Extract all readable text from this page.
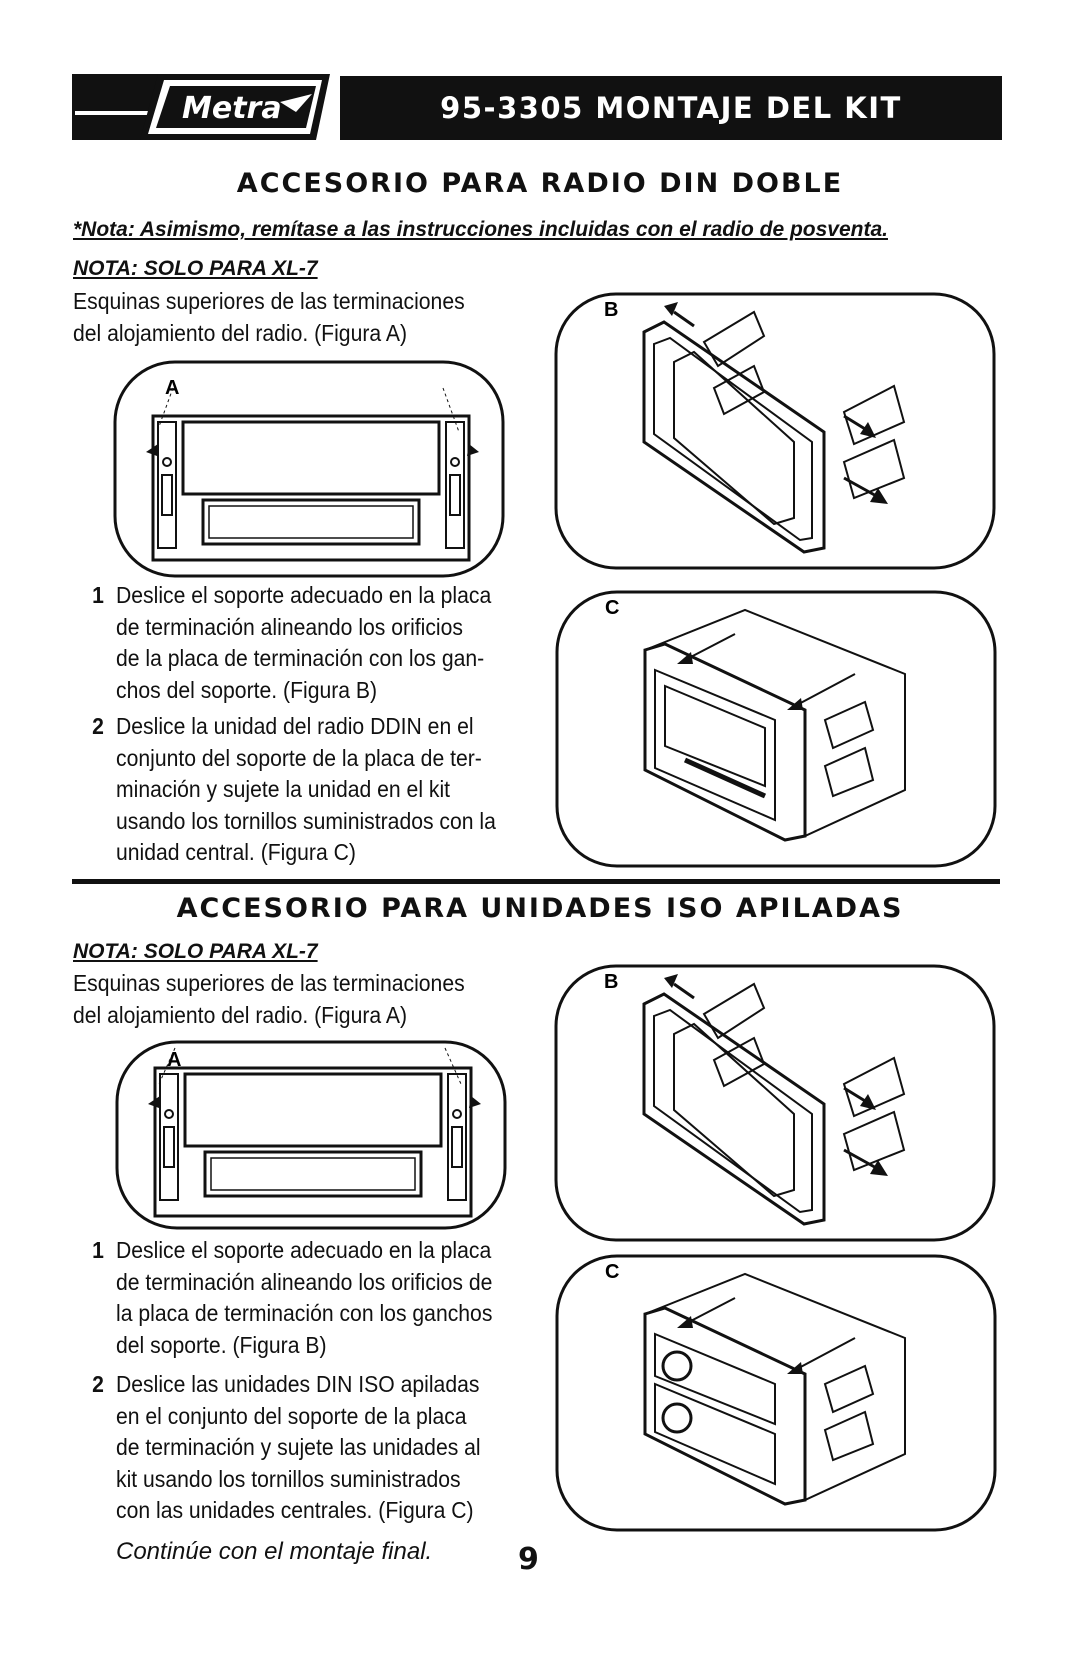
Metra	95-3305 MONTAJE DEL KIT
ACCESORIO PARA RADIO DIN DOBLE
*Nota: Asimismo, remítase a las instrucciones incluidas con el radio de posventa.
NOTA: SOLO PARA XL-7
Esquinas superiores de las terminaciones
del alojamiento del radio. (Figura A)
A
B
1 Deslice el soporte adecuado en la placa
de terminación alineando los orificios
de la placa de terminación con los gan-
chos del soporte. (Figura B)
2 Deslice la unidad del radio DDIN en el
conjunto del soporte de la placa de ter-
minación y sujete la unidad en el kit
usando los tornillos suministrados con la
unidad central. (Figura C)
C
ACCESORIO PARA UNIDADES ISO APILADAS
NOTA: SOLO PARA XL-7
Esquinas superiores de las terminaciones
del alojamiento del radio. (Figura A)
A
B
1 Deslice el soporte adecuado en la placa
de terminación alineando los orificios de
la placa de terminación con los ganchos
del soporte. (Figura B)
2 Deslice las unidades DIN ISO apiladas
en el conjunto del soporte de la placa
de terminación y sujete las unidades al
kit usando los tornillos suministrados
con las unidades centrales. (Figura C)
C
Continúe con el montaje final.	9
